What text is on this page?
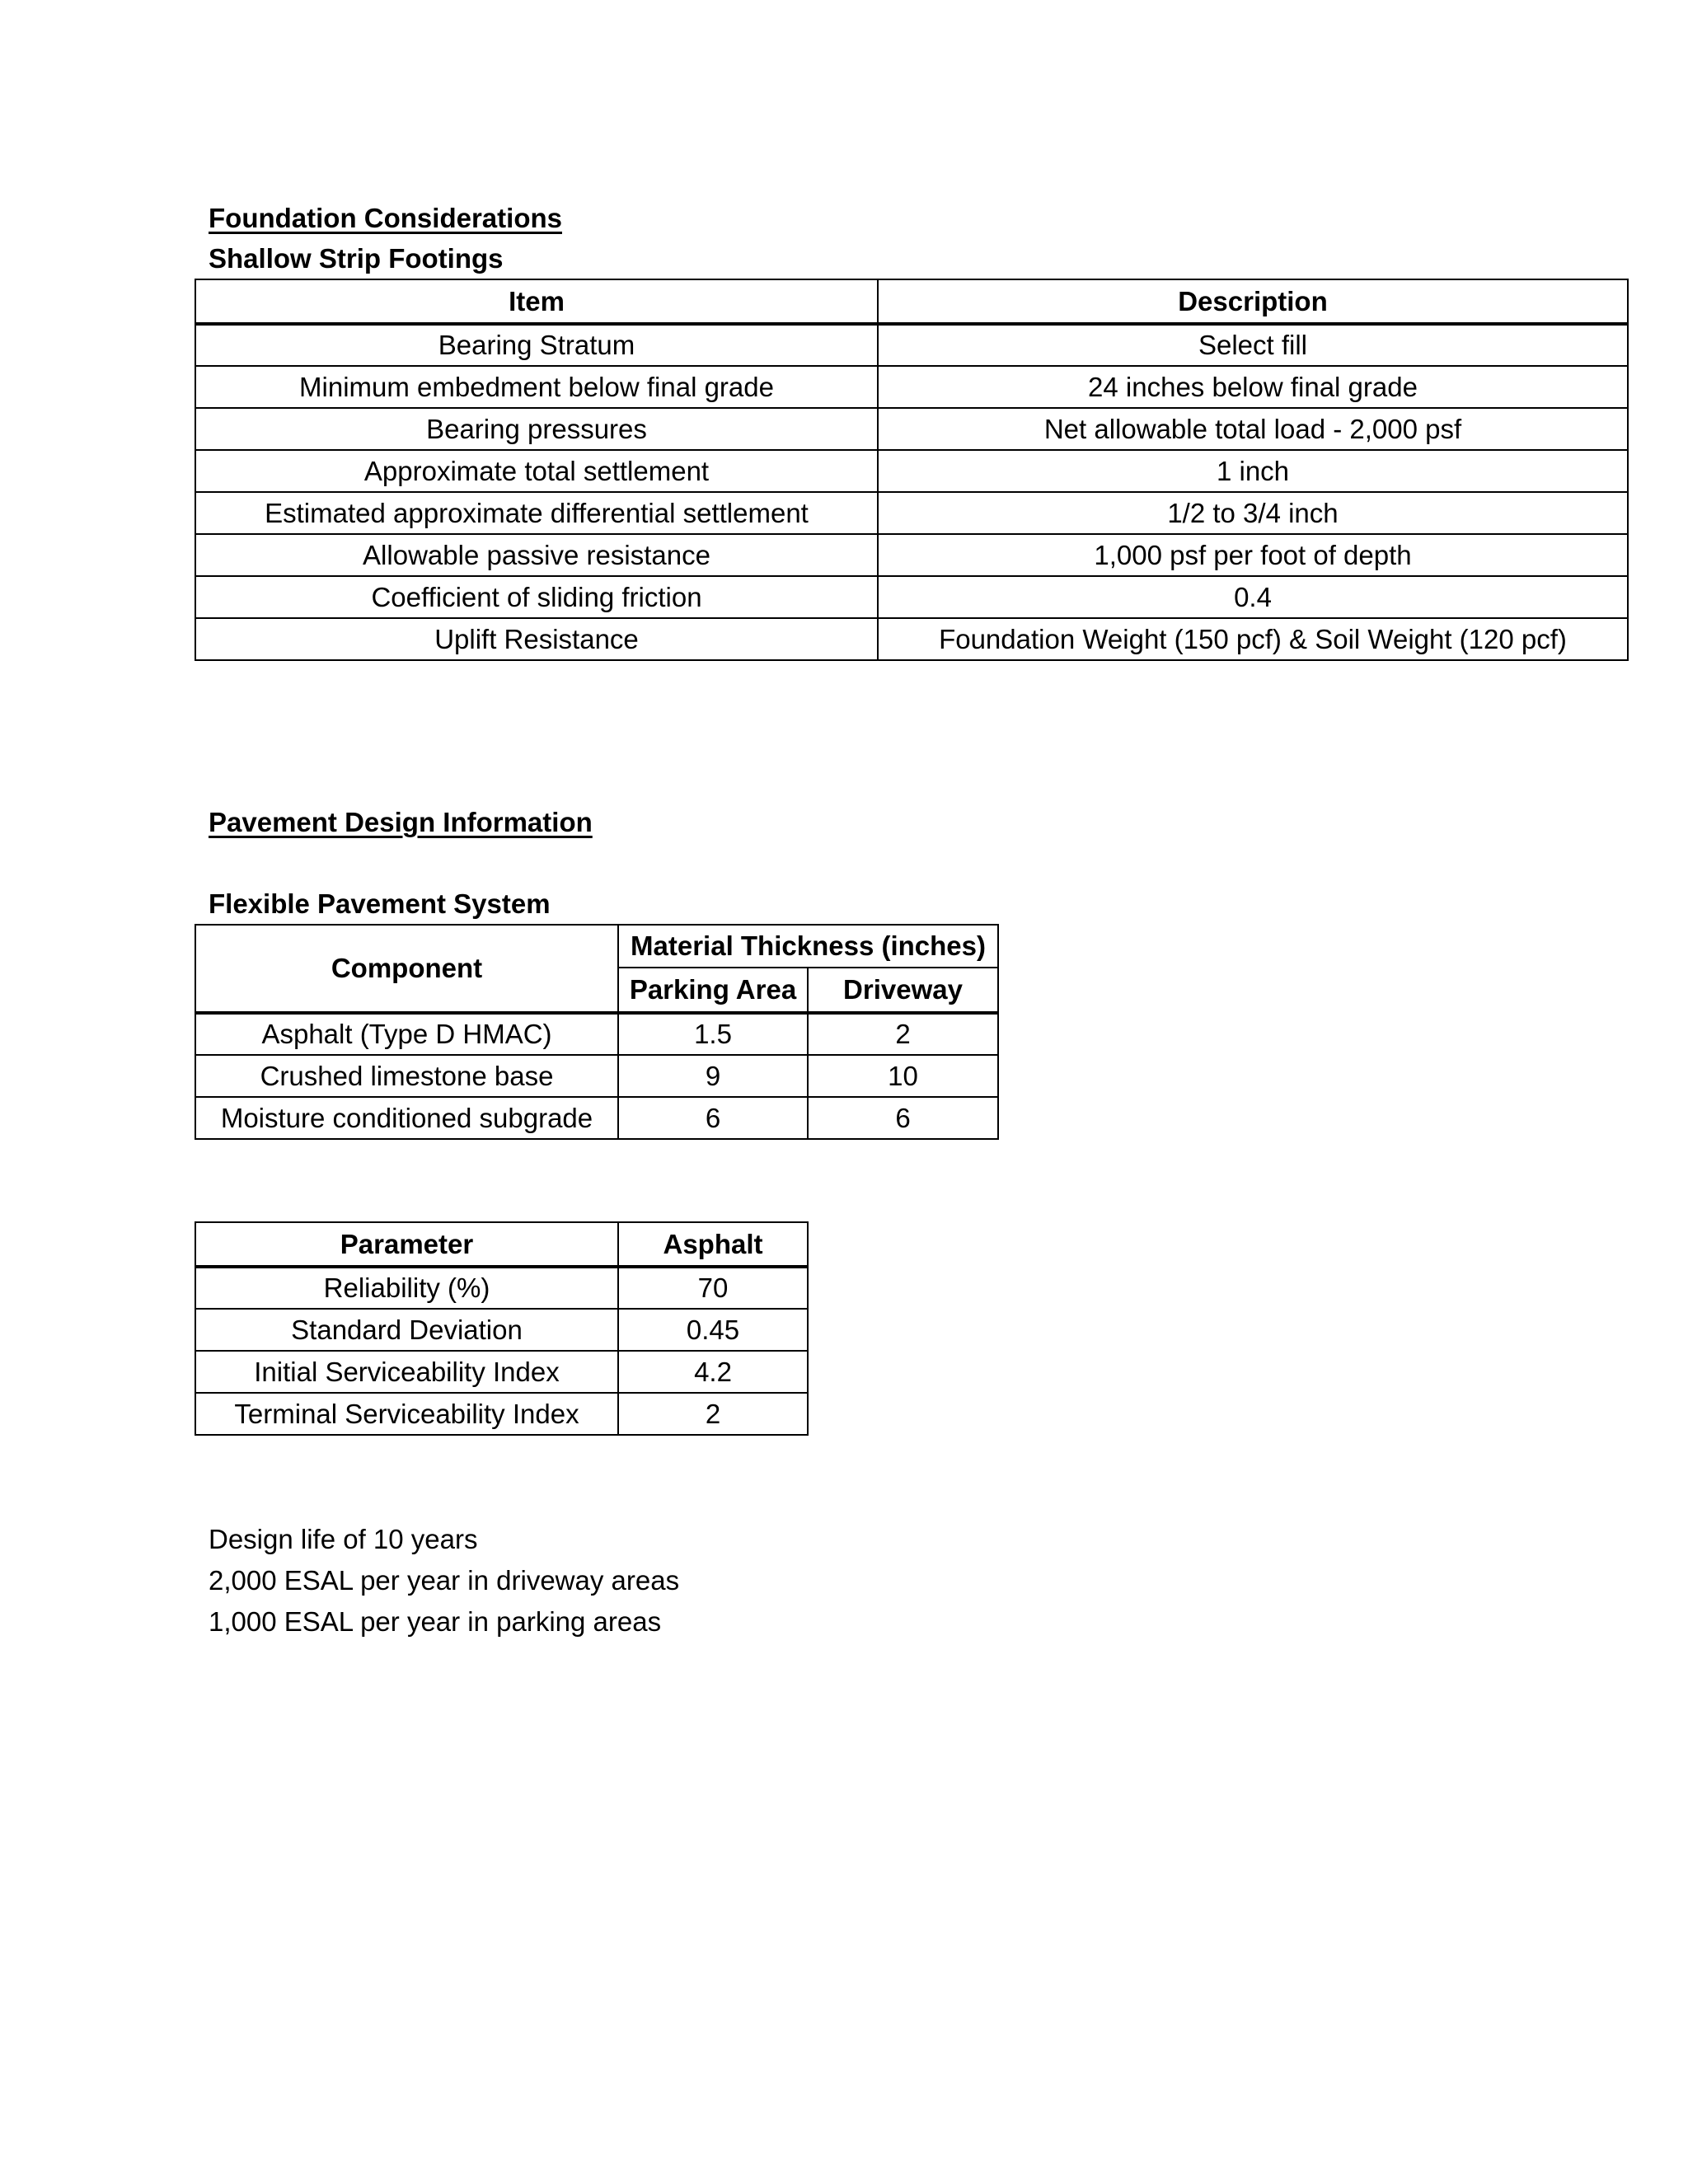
Foundation Considerations
Shallow Strip Footings
Item	Description
Bearing Stratum	Select fill
Minimum embedment below final grade	24 inches below final grade
Bearing pressures	Net allowable total load - 2,000 psf
Approximate total settlement	1 inch
Estimated approximate differential settlement	1/2 to 3/4 inch
Allowable passive resistance	1,000 psf per foot of depth
Coefficient of sliding friction	0.4
Uplift Resistance	Foundation Weight (150 pcf) & Soil Weight (120 pcf)
Pavement Design Information
Flexible Pavement System
Component	Material Thickness (inches)	
	Parking Area	Driveway
Asphalt (Type D HMAC)	1.5	2
Crushed limestone base	9	10
Moisture conditioned subgrade	6	6
Parameter	Asphalt
Reliability (%)	70
Standard Deviation	0.45
Initial Serviceability Index	4.2
Terminal Serviceability Index	2
Design life of 10 years
2,000 ESAL per year in driveway areas
1,000 ESAL per year in parking areas
